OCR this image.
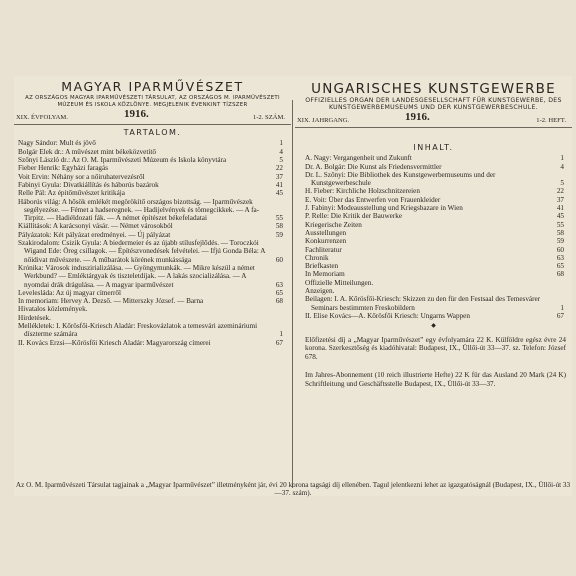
MAGYAR IPARMŰVÉSZET
AZ ORSZÁGOS MAGYAR IPARMŰVÉSZETI TÁRSULAT, AZ ORSZÁGOS M. IPARMŰVÉSZETI MÚZEUM ÉS ISKOLA KÖZLÖNYE. MEGJELENIK ÉVENKINT TÍZSZER
XIX. ÉVFOLYAM.	1916.	1-2. SZÁM.
TARTALOM.
Nagy Sándor: Mult és jövő	1
Bolgár Elek dr.: A művészet mint békeközvetítő	4
Szőnyi László dr.: Az O. M. Iparművészeti Múzeum és Iskola könyvtára	5
Fieber Henrik: Egyházi faragás	22
Voit Ervin: Néhány sor a nőiruhatervezésről	37
Fabinyi Gyula: Divatkiállítás és háborús bazárok	41
Relle Pál: Az épitőművészet kritikája	45
Háborús világ: A hősök emlékét megörökítő országos bizottság. — Iparművészek segélyezése. — Fémet a hadseregnek. — Hadijelvények és tömegcikkek. — A fa-Tirpitz. — Hadiéldozati fák. — A német építészet békefeladatai	55
Kiállítások: A karácsonyi vásár. — Német városokból	58
Pályázatok: Két pályázat eredményei. — Új pályázat	59
Szakirodalom: Csizik Gyula: A biedermeier és az újabb stílusfejlődés. — Toroczkói Wigand Ede: Öreg csillagok. — Építészvonedések felvételei. — Ifjú Gonda Béla: A nőidivat művészete. — A műbarátok körének munkássága	60
Krónika: Városok induszirializálása. — Gyöngymunkák. — Mikre készül a német Werkbund? — Emléktárgyak és tiszteletdíjak. — A lakás szocializálása. — A nyomdai drák drágulása. — A magyar iparművészet	63
Levelesláda: Az új magyar címerről	65
In memoriam: Hervey A. Dezső. — Mitterszky József. — Barna	68
Hivatalos közlemények.
Hirdetések.
Mellékletek: I. Kőrösfői-Kriesch Aladár: Freskovázlatok a temesvári azemináriumi díszterme számára	1
II. Kovács Erzsi—Kőrösfői Kriesch Aladár: Magyarország címerei	67
UNGARISCHES KUNSTGEWERBE
OFFIZIELLES ORGAN DER LANDESGESELLSCHAFT FÜR KUNSTGEWERBE, DES KUNSTGEWERBEMUSEUMS UND DER KUNSTGEWERBESCHULE.
XIX. JAHRGANG.	1916.	1-2. HEFT.
INHALT.
A. Nagy: Vergangenheit und Zukunft	1
Dr. A. Bolgár: Die Kunst als Friedensvermittler	4
Dr. L. Szőnyi: Die Bibliothek des Kunstgewerbemuseums und der Kunstgewerbeschule	5
H. Fieber: Kirchliche Holzschnitzereien	22
E. Voit: Über das Entwerfen von Frauenkleider	37
J. Fabinyi: Modeausstellung und Kriegsbazare in Wien	41
P. Relle: Die Kritik der Bauwerke	45
Kriegerische Zeiten	55
Ausstellungen	58
Konkurrenzen	59
Fachliteratur	60
Chronik	63
Briefkasten	65
In Memoriam	68
Offizielle Mitteilungen.
Anzeigen.
Beilagen: I. A. Kőrösfői-Kriesch: Skizzen zu den für den Festsaal des Temesvárer Seminars bestimmten Freskobildern	1
II. Elise Kovács—A. Kőrösfői Kriesch: Ungarns Wappen	67
◆
Előfizetési díj a „Magyar Iparművészet” egy évfolyamára 22 K. Külföldre egész évre 24 korona. Szerkesztőség és kiadóhivatal: Budapest, IX., Üllői-út 33—37. sz. Telefon: József 678.
Im Jahres-Abonnement (10 reich illustrierte Hefte) 22 K für das Ausland 20 Mark (24 K) Schriftleitung und Geschäftsstelle Budapest, IX., Üllői-út 33—37.
Az O. M. Iparművészeti Társulat tagjainak a „Magyar Iparművészet” illetményként jár, évi 20 korona tagsági díj ellenében. Tagul jelentkezni lehet az igazgatóságnál (Budapest, IX., Üllői-út 33—37. szám).
